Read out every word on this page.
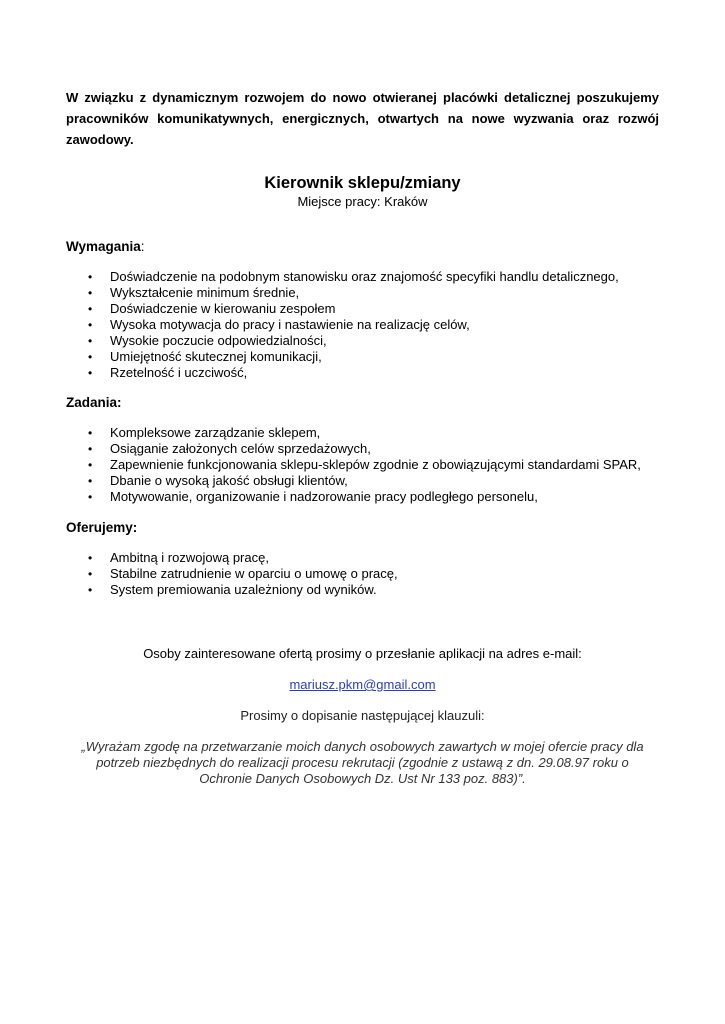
W związku z dynamicznym rozwojem do nowo otwieranej placówki detalicznej poszukujemy pracowników komunikatywnych, energicznych, otwartych na nowe wyzwania oraz rozwój zawodowy.

Kierownik sklepu/zmiany

Miejsce pracy: Kraków

Wymagania:

• Doświadczenie na podobnym stanowisku oraz znajomość specyfiki handlu detalicznego,
• Wykształcenie minimum średnie,
• Doświadczenie w kierowaniu zespołem
• Wysoka motywacja do pracy i nastawienie na realizację celów,
• Wysokie poczucie odpowiedzialności,
• Umiejętność skutecznej komunikacji,
• Rzetelność i uczciwość,

Zadania:

• Kompleksowe zarządzanie sklepem,
• Osiąganie założonych celów sprzedażowych,
• Zapewnienie funkcjonowania sklepu-sklepów zgodnie z obowiązującymi standardami SPAR,
• Dbanie o wysoką jakość obsługi klientów,
• Motywowanie, organizowanie i nadzorowanie pracy podległego personelu,

Oferujemy:

• Ambitną i rozwojową pracę,
• Stabilne zatrudnienie w oparciu o umowę o pracę,
• System premiowania uzależniony od wyników.

Osoby zainteresowane ofertą prosimy o przesłanie aplikacji na adres e-mail:

mariusz.pkm@gmail.com

Prosimy o dopisanie następującej klauzuli:

„Wyrażam zgodę na przetwarzanie moich danych osobowych zawartych w mojej ofercie pracy dla

potrzeb niezbędnych do realizacji procesu rekrutacji (zgodnie z ustawą z dn. 29.08.97 roku o

Ochronie Danych Osobowych Dz. Ust Nr 133 poz. 883)”.
